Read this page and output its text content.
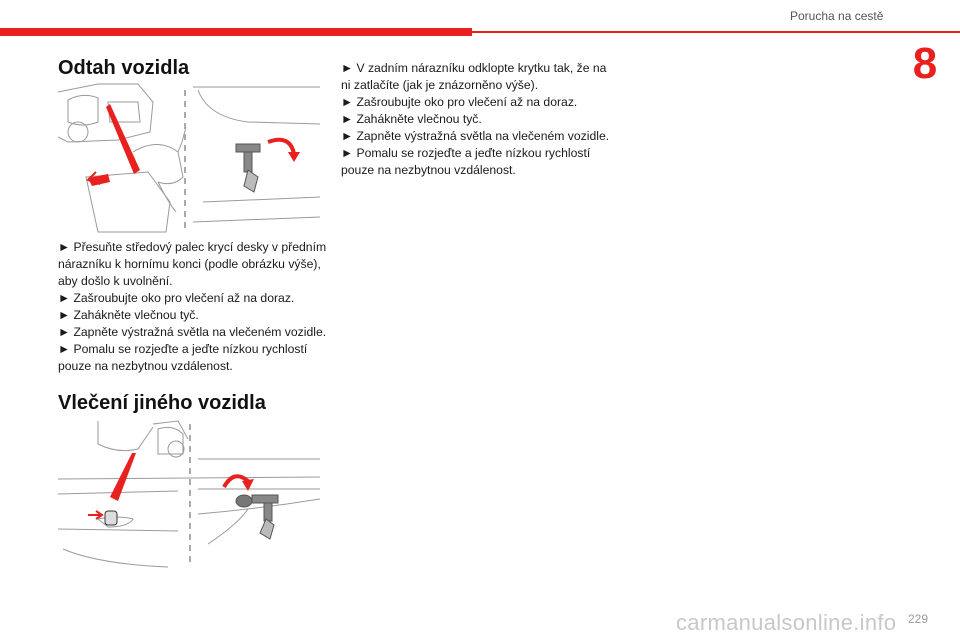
Porucha na cestě
8
Odtah vozidla
► Přesuňte středový palec krycí desky v předním nárazníku k hornímu konci (podle obrázku výše), aby došlo k uvolnění.
► Zašroubujte oko pro vlečení až na doraz.
► Zahákněte vlečnou tyč.
► Zapněte výstražná světla na vlečeném vozidle.
► Pomalu se rozjeďte a jeďte nízkou rychlostí pouze na nezbytnou vzdálenost.
Vlečení jiného vozidla
► V zadním nárazníku odklopte krytku tak, že na ni zatlačíte (jak je znázorněno výše).
► Zašroubujte oko pro vlečení až na doraz.
► Zahákněte vlečnou tyč.
► Zapněte výstražná světla na vlečeném vozidle.
► Pomalu se rozjeďte a jeďte nízkou rychlostí pouze na nezbytnou vzdálenost.
229
carmanualsonline.info
